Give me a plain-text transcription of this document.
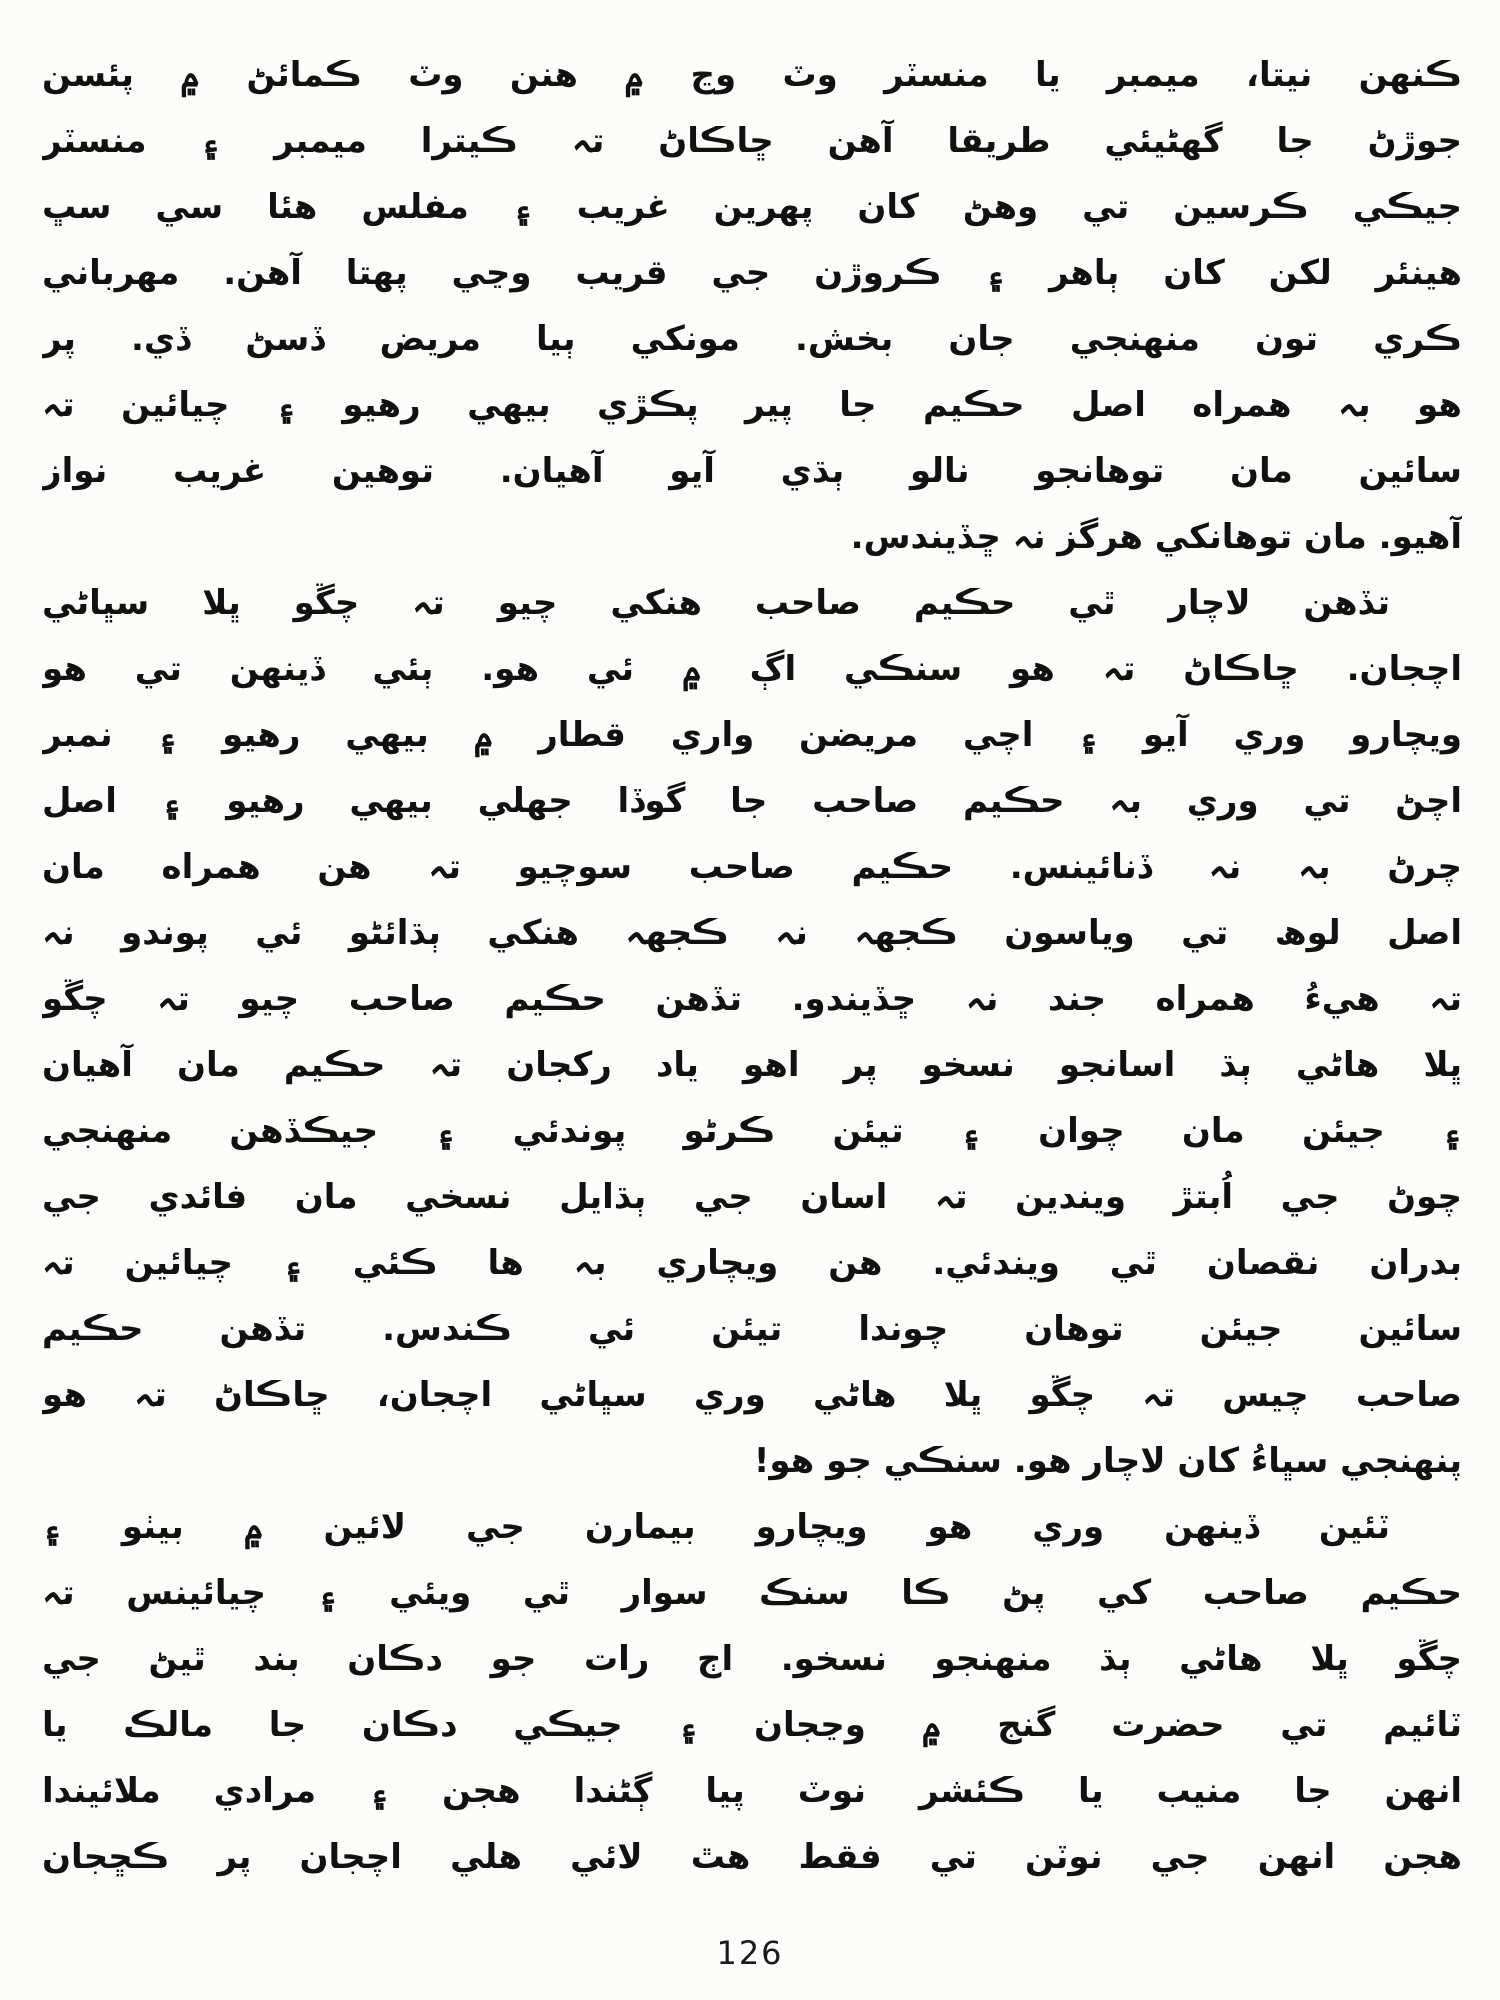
ڪنهن نيتا، ميمبر يا منسٽر وٽ وڃ ۾ هنن وٽ ڪمائڻ ۾ پئسن
جوڙڻ جا گهڻيئي طريقا آهن ڇاڪاڻ تہ ڪيترا ميمبر ۽ منسٽر
جيڪي ڪرسين تي وهڻ کان پهرين غريب ۽ مفلس هئا سي سڀ
هينئر لکن کان ٻاهر ۽ ڪروڙن جي قريب وڃي پهتا آهن. مهرباني
ڪري تون منهنجي جان بخش. مونکي ٻيا مريض ڏسڻ ڏي. پر
هو بہ همراه اصل حڪيم جا پير پڪڙي بيهي رهيو ۽ چيائين تہ
سائين مان توهانجو نالو ٻڌي آيو آهيان. توهين غريب نواز
آهيو. مان توهانکي هرگز نہ ڇڏيندس.
تڏهن لاچار ٿي حڪيم صاحب هنکي چيو تہ چڱو ڀلا سڀاڻي
اچجان. ڇاڪاڻ تہ هو سنڪي اڳ ۾ ئي هو. ٻئي ڏينهن تي هو
ويچارو وري آيو ۽ اچي مريضن واري قطار ۾ بيهي رهيو ۽ نمبر
اچڻ تي وري بہ حڪيم صاحب جا گوڏا جهلي بيهي رهيو ۽ اصل
چرڻ بہ نہ ڏنائينس. حڪيم صاحب سوچيو تہ هن همراه مان
اصل لوھ تي وياسون ڪجهہ نہ ڪجهہ هنکي ٻڌائڻو ئي پوندو نہ
تہ هيءُ همراه جند نہ ڇڏيندو. تڏهن حڪيم صاحب چيو تہ چڱو
ڀلا هاڻي ٻڌ اسانجو نسخو پر اهو ياد رکجان تہ حڪيم مان آهيان
۽ جيئن مان چوان ۽ تيئن ڪرڻو پوندئي ۽ جيڪڏهن منهنجي
چوڻ جي اُبتڙ ويندين تہ اسان جي ٻڌايل نسخي مان فائدي جي
بدران نقصان ٿي ويندئي. هن ويچاري بہ ها ڪئي ۽ چيائين تہ
سائين جيئن توهان چوندا تيئن ئي ڪندس. تڏهن حڪيم
صاحب چيس تہ چڱو ڀلا هاڻي وري سڀاڻي اچجان، ڇاڪاڻ تہ هو
پنهنجي سڀاءُ کان لاچار هو. سنڪي جو هو!
ٽئين ڏينهن وري هو ويچارو بيمارن جي لائين ۾ بيٺو ۽
حڪيم صاحب کي پڻ ڪا سنڪ سوار ٿي ويئي ۽ چيائينس تہ
چڱو ڀلا هاڻي ٻڌ منهنجو نسخو. اڄ رات جو دڪان بند ٿيڻ جي
ٽائيم تي حضرت گنج ۾ وڃجان ۽ جيڪي دڪان جا مالڪ يا
انهن جا منيب يا ڪئشر نوٽ پيا ڳڻندا هجن ۽ مرادي ملائيندا
هجن انهن جي نوٽن تي فقط هٿ لائي هلي اچجان پر ڪڇجان
126
